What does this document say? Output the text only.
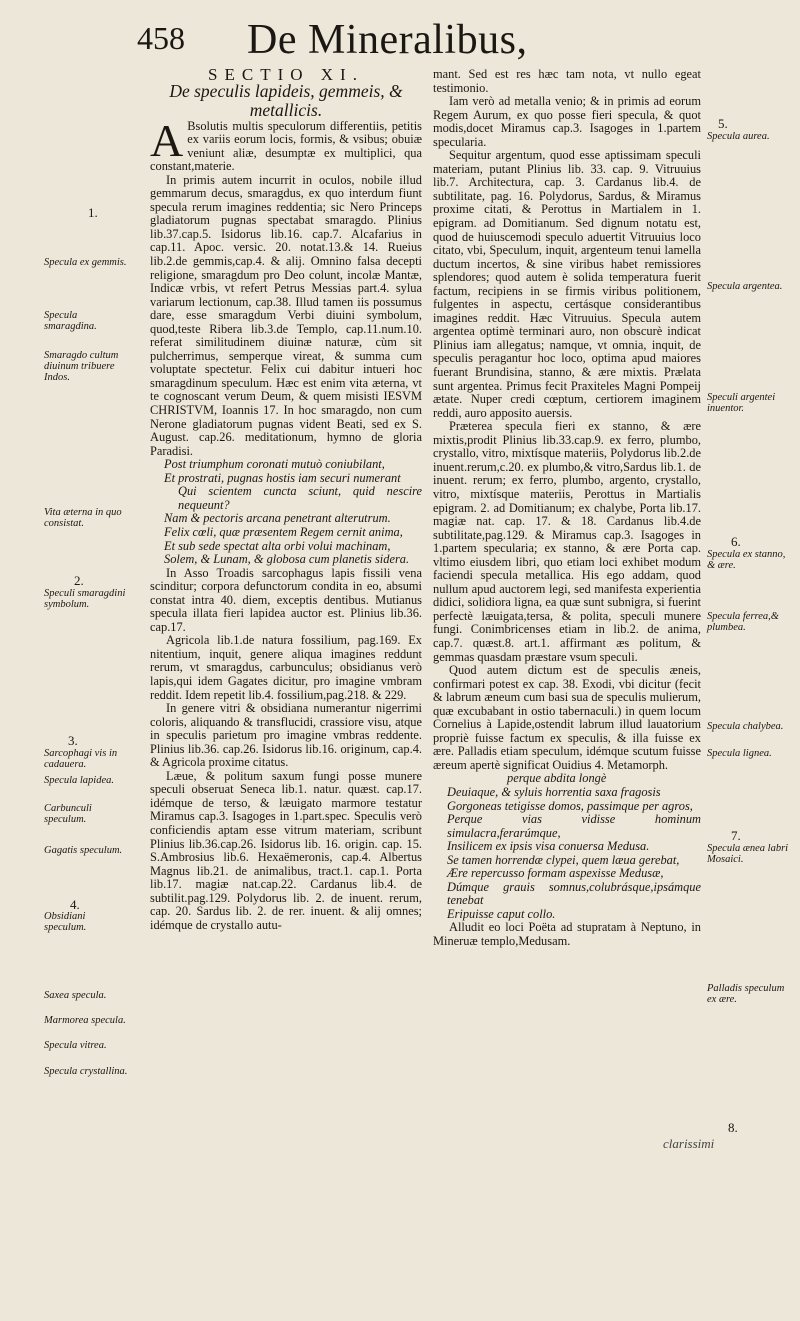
458 De Mineralibus,

SECTIO XI.

De speculis lapideis, gemmeis, & metallicis.

A Bsolutis multis speculorum differentiis, petitis ex variis eorum locis, formis, & vsibus; obuiæ veniunt aliæ, desumptæ ex multiplici, qua constant,materie.

In primis autem incurrit in oculos, nobile illud gemmarum decus, smaragdus, ex quo interdum fiunt specula rerum imagines reddentia; sic Nero Princeps gladiatorum pugnas spectabat smaragdo. Plinius lib.37.cap.5. Isidorus lib.16. cap.7. Alcafarius in cap.11. Apoc. versic. 20. notat.13.& 14. Rueius lib.2.de gemmis,cap.4. & alij. Omnino falsa decepti religione, smaragdum pro Deo colunt, incolæ Mantæ, Indicæ vrbis, vt refert Petrus Messias part.4. sylua variarum lectionum, cap.38. Illud tamen iis possumus dare, esse smaragdum Verbi diuini symbolum, quod,teste Ribera lib.3.de Templo, cap.11.num.10. referat similitudinem diuinæ naturæ, cùm sit pulcherrimus, semperque vireat, & summa cum voluptate spectetur. Felix cui dabitur intueri hoc smaragdinum speculum. Hæc est enim vita æterna, vt te cognoscant verum Deum, & quem misisti IESVM CHRISTVM, Ioannis 17. In hoc smaragdo, non cum Nerone gladiatorum pugnas vident Beati, sed ex S. August. cap.26. meditationum, hymno de gloria Paradisi.

Post triumphum coronati mutuò coniubilant,
Et prostrati, pugnas hostis iam securi numerant
Qui scientem cuncta sciunt, quid nescire nequeunt?
Nam & pectoris arcana penetrant alterutrum.
Felix cœli, quæ præsentem Regem cernit anima,
Et sub sede spectat alta orbi volui machinam,
Solem, & Lunam, & globosa cum planetis sidera.

In Asso Troadis sarcophagus lapis fissili vena scinditur; corpora defunctorum condita in eo, absumi constat intra 40. diem, exceptis dentibus. Mutianus specula illata fieri lapidea auctor est. Plinius lib.36. cap.17.

Agricola lib.1.de natura fossilium, pag.169. Ex nitentium, inquit, genere aliqua imagines reddunt rerum, vt smaragdus, carbunculus; obsidianus verò lapis,qui idem Gagates dicitur, pro imagine vmbram reddit. Idem repetit lib.4. fossilium,pag.218. & 229.

In genere vitri & obsidiana numerantur nigerrimi coloris, aliquando & transflucidi, crassiore visu, atque in speculis parietum pro imagine vmbras reddente. Plinius lib.36. cap.26. Isidorus lib.16. originum, cap.4. & Agricola proxime citatus.

Læue, & politum saxum fungi posse munere speculi obseruat Seneca lib.1. natur. quæst. cap.17. idémque de terso, & læuigato marmore testatur Miramus cap.3. Isagoges in 1.part.spec. Speculis verò conficiendis aptam esse vitrum materiam, scribunt Plinius lib.36.cap.26. Isidorus lib. 16. origin. cap. 15. S.Ambrosius lib.6. Hexaëmeronis, cap.4. Albertus Magnus lib.21. de animalibus, tract.1. cap.1. Porta lib.17. magiæ nat.cap.22. Cardanus lib.4. de subtilit.pag.129. Polydorus lib. 2. de inuent. rerum, cap. 20. Sardus lib. 2. de rer. inuent. & alij omnes; idémque de crystallo autu-

mant. Sed est res hæc tam nota, vt nullo egeat testimonio.

Iam verò ad metalla venio; & in primis ad eorum Regem Aurum, ex quo posse fieri specula, & quot modis,docet Miramus cap.3. Isagoges in 1.partem specularia.

Sequitur argentum, quod esse aptissimam speculi materiam, putant Plinius lib. 33. cap. 9. Vitruuius lib.7. Architectura, cap. 3. Cardanus lib.4. de subtilitate, pag. 16. Polydorus, Sardus, & Miramus proxime citati, & Perottus in Martialem in 1. epigram. ad Domitianum. Sed dignum notatu est, quod de huiuscemodi speculo aduertit Vitruuius loco citato, vbi, Speculum, inquit, argenteum tenui lamella ductum incertos, & sine viribus habet remissiores splendores; quod autem è solida temperatura fuerit factum, recipiens in se firmis viribus politionem, fulgentes in aspectu, certásque considerantibus imagines reddit. Hæc Vitruuius. Specula autem argentea optimè terminari auro, non obscurè indicat Plinius iam allegatus; namque, vt omnia, inquit, de speculis peragantur hoc loco, optima apud maiores fuerant Brundisina, stanno, & ære mixtis. Prælata sunt argentea. Primus fecit Praxiteles Magni Pompeij ætate. Nuper credi cœptum, certiorem imaginem reddi, auro apposito auersis.

Præterea specula fieri ex stanno, & ære mixtis,prodit Plinius lib.33.cap.9. ex ferro, plumbo, crystallo, vitro, mixtísque materiis, Polydorus lib.2.de inuent.rerum,c.20. ex plumbo,& vitro,Sardus lib.1. de inuent. rerum; ex ferro, plumbo, argento, crystallo, vitro, mixtísque materiis, Perottus in Martialis epigram. 2. ad Domitianum; ex chalybe, Porta lib.17. magiæ nat. cap. 17. & 18. Cardanus lib.4.de subtilitate,pag.129. & Miramus cap.3. Isagoges in 1.partem specularia; ex stanno, & ære Porta cap. vltimo eiusdem libri, quo etiam loci exhibet modum faciendi specula metallica. His ego addam, quod nullum apud auctorem legi, sed manifesta experientia didici, solidiora ligna, ea quæ sunt subnigra, si fuerint perfectè læuigata,tersa, & polita, speculi munere fungi. Conimbricenses etiam in lib.2. de anima, cap.7. quæst.8. art.1. affirmant æs politum, & gemmas quasdam præstare vsum speculi.

Quod autem dictum est de speculis æneis, confirmari potest ex cap. 38. Exodi, vbi dicitur (fecit & labrum æneum cum basi sua de speculis mulierum, quæ excubabant in ostio tabernaculi.) in quem locum Cornelius à Lapide,ostendit labrum illud lauatorium propriè fuisse factum ex speculis, & illa fuisse ex ære. Palladis etiam speculum, idémque scutum fuisse æreum apertè significat Ouidius 4. Metamorph.

perque abdita longè
Deuiaque, & syluis horrentia saxa fragosis
Gorgoneas tetigisse domos, passimque per agros,
Perque vias vidisse hominum simulacra,ferarúmque,
Insilicem ex ipsis visa conuersa Medusa.
Se tamen horrendæ clypei, quem læua gerebat,
Ære repercusso formam aspexisse Medusæ,
Dúmque grauis somnus,colubrásque,ipsámque tenebat
Eripuisse caput collo.

Alludit eo loci Poëta ad stupratam à Neptuno, in Mineruæ templo,Medusam.

1.
Specula ex gemmis.
Specula smaragdina.
Smaragdo cultum diuinum tribuere Indos.
Vita æterna in quo consistat.
2.
Speculi smaragdini symbolum.
3.
Sarcophagi vis in cadauera.
Specula lapidea.
Carbunculi speculum.
Gagatis speculum.
4.
Obsidiani speculum.
Saxea specula.
Marmorea specula.
Specula vitrea.
Specula crystallina.
5.
Specula aurea.
Specula argentea.
Speculi argentei inuentor.
6.
Specula ex stanno, & ære.
Specula ferrea,& plumbea.
Specula chalybea.
Specula lignea.
7.
Specula ænea labri Mosaici.
Palladis speculum ex ære.
8.
clarissimi
